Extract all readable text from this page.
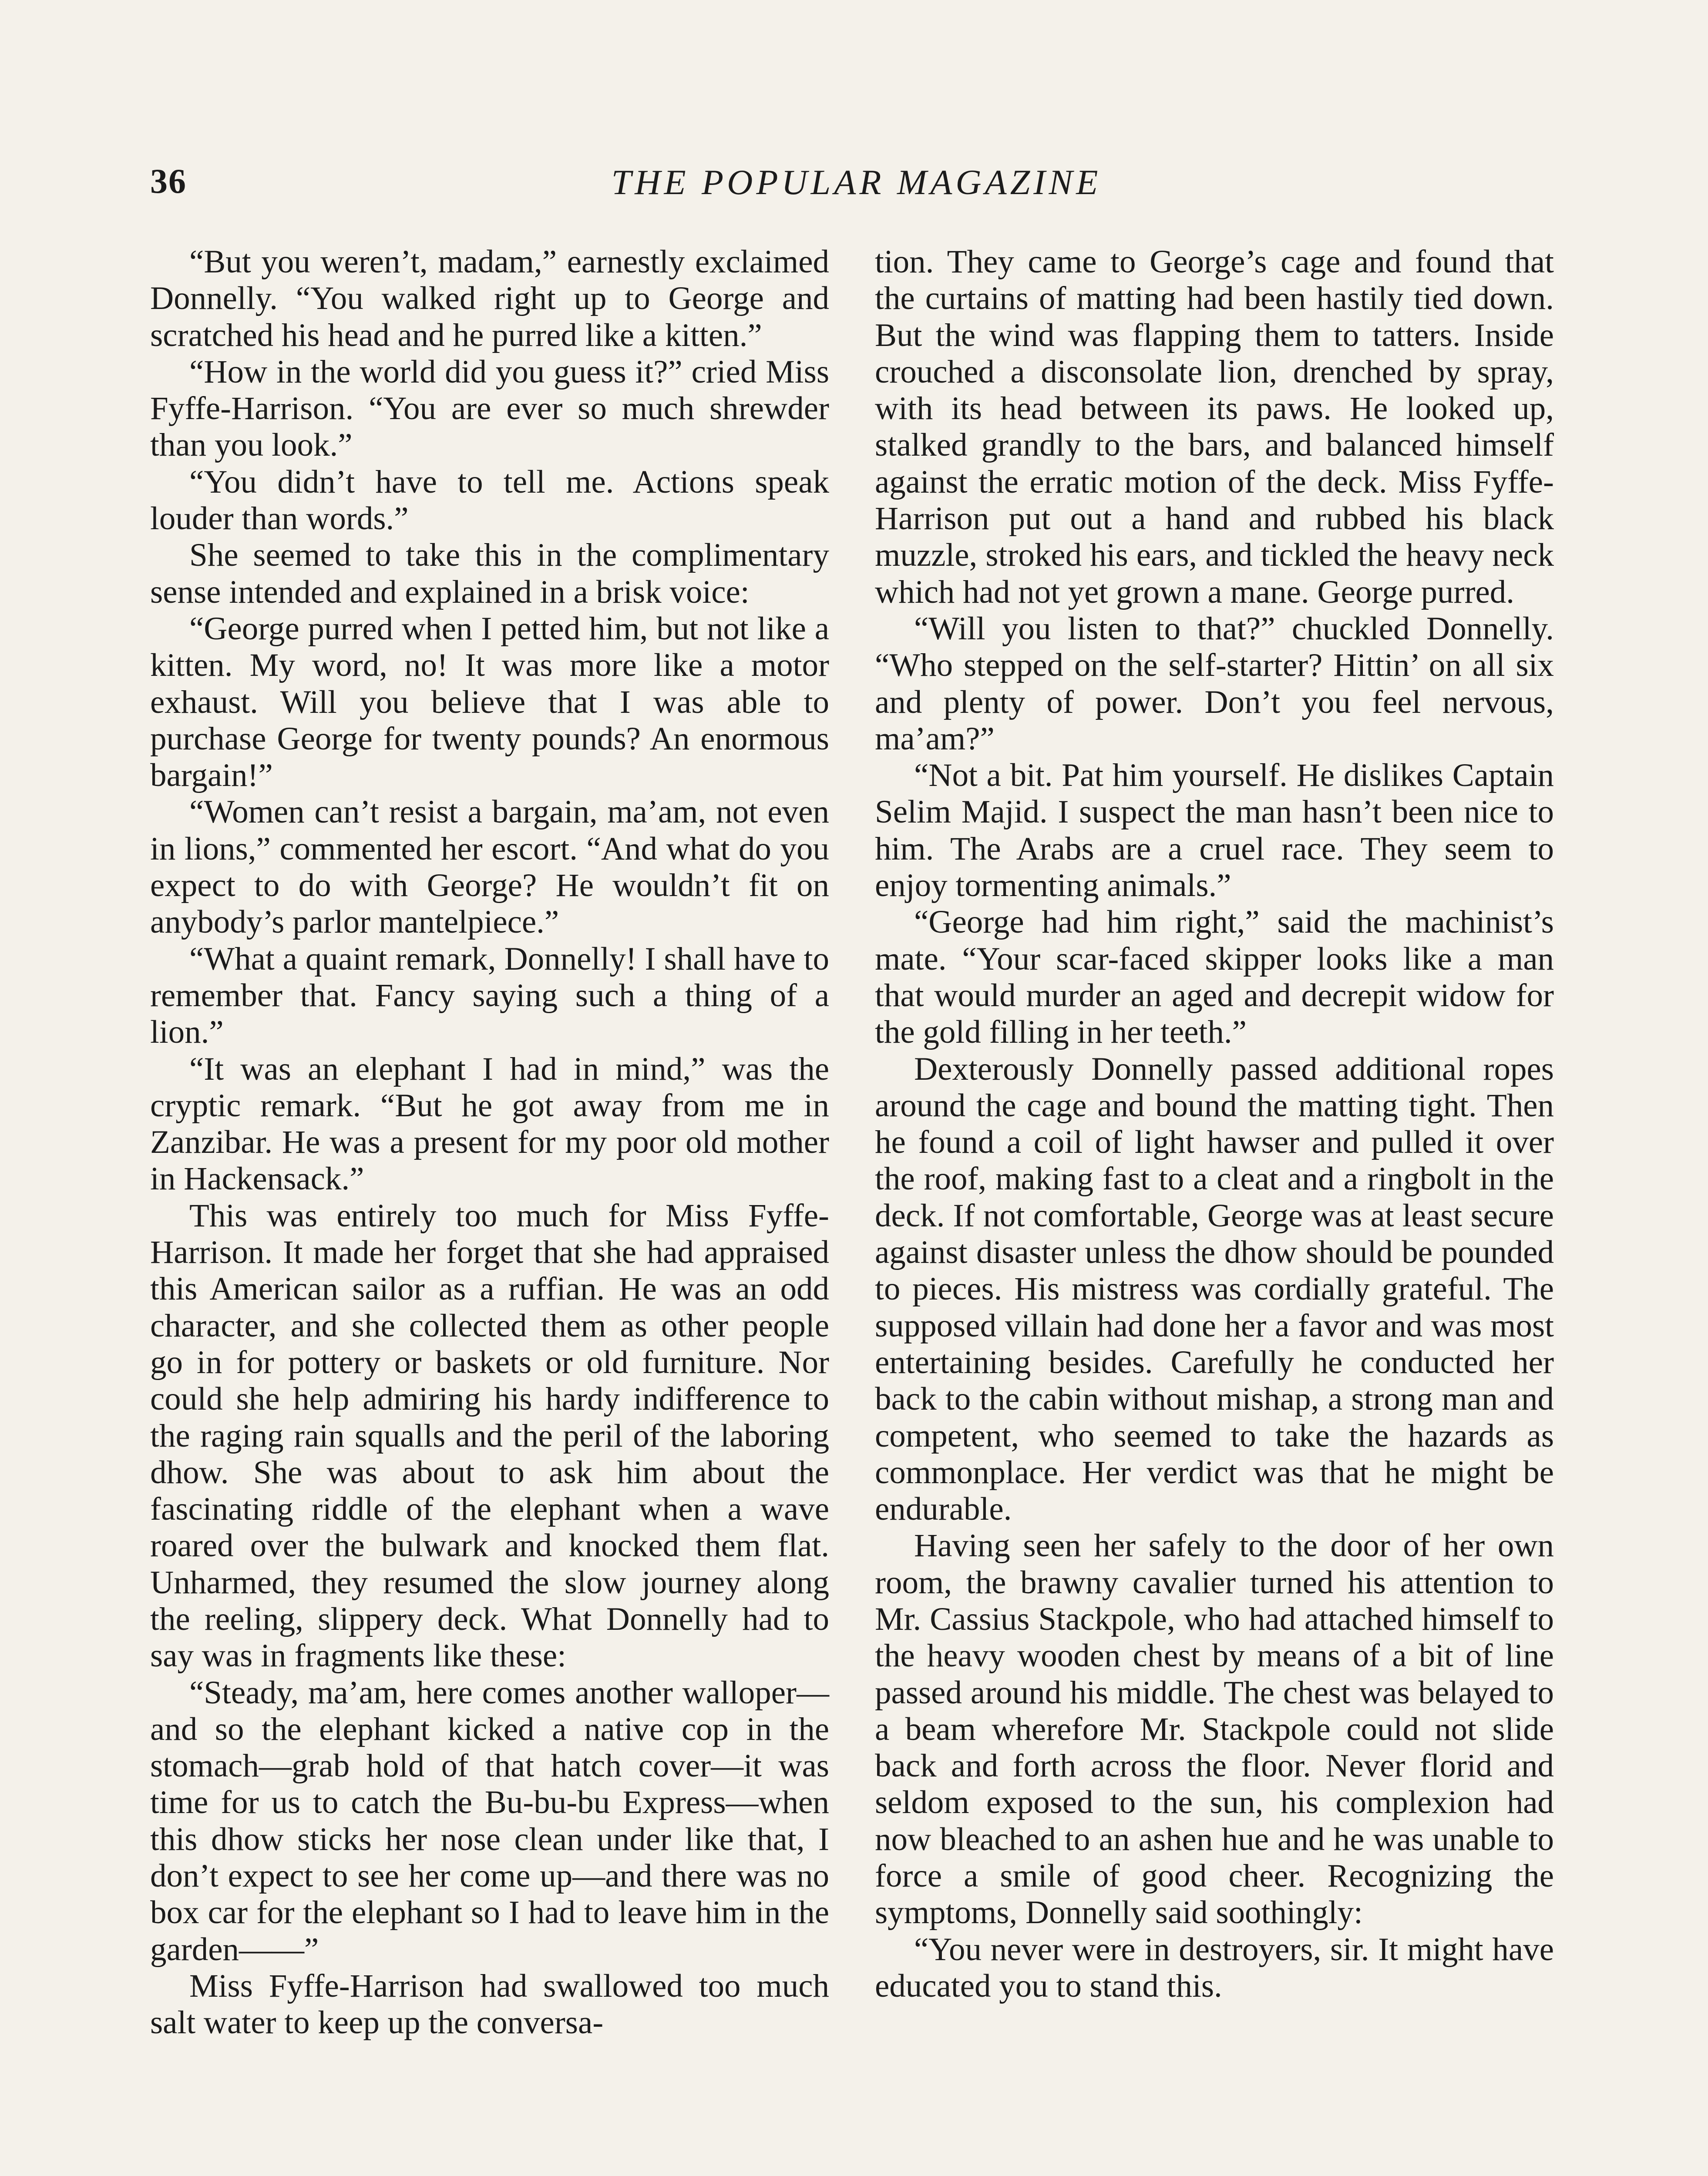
36	THE POPULAR MAGAZINE

“But you weren’t, madam,” earnestly exclaimed Donnelly. “You walked right up to George and scratched his head and he purred like a kitten.”

“How in the world did you guess it?” cried Miss Fyffe-Harrison. “You are ever so much shrewder than you look.”

“You didn’t have to tell me. Actions speak louder than words.”

She seemed to take this in the complimentary sense intended and explained in a brisk voice:

“George purred when I petted him, but not like a kitten. My word, no! It was more like a motor exhaust. Will you believe that I was able to purchase George for twenty pounds? An enormous bargain!”

“Women can’t resist a bargain, ma’am, not even in lions,” commented her escort. “And what do you expect to do with George? He wouldn’t fit on anybody’s parlor mantelpiece.”

“What a quaint remark, Donnelly! I shall have to remember that. Fancy saying such a thing of a lion.”

“It was an elephant I had in mind,” was the cryptic remark. “But he got away from me in Zanzibar. He was a present for my poor old mother in Hackensack.”

This was entirely too much for Miss Fyffe-Harrison. It made her forget that she had appraised this American sailor as a ruffian. He was an odd character, and she collected them as other people go in for pottery or baskets or old furniture. Nor could she help admiring his hardy indifference to the raging rain squalls and the peril of the laboring dhow. She was about to ask him about the fascinating riddle of the elephant when a wave roared over the bulwark and knocked them flat. Unharmed, they resumed the slow journey along the reeling, slippery deck. What Donnelly had to say was in fragments like these:

“Steady, ma’am, here comes another walloper—and so the elephant kicked a native cop in the stomach—grab hold of that hatch cover—it was time for us to catch the Bu-bu-bu Express—when this dhow sticks her nose clean under like that, I don’t expect to see her come up—and there was no box car for the elephant so I had to leave him in the garden——”

Miss Fyffe-Harrison had swallowed too much salt water to keep up the conversa-

tion. They came to George’s cage and found that the curtains of matting had been hastily tied down. But the wind was flapping them to tatters. Inside crouched a disconsolate lion, drenched by spray, with its head between its paws. He looked up, stalked grandly to the bars, and balanced himself against the erratic motion of the deck. Miss Fyffe-Harrison put out a hand and rubbed his black muzzle, stroked his ears, and tickled the heavy neck which had not yet grown a mane. George purred.

“Will you listen to that?” chuckled Donnelly. “Who stepped on the self-starter? Hittin’ on all six and plenty of power. Don’t you feel nervous, ma’am?”

“Not a bit. Pat him yourself. He dislikes Captain Selim Majid. I suspect the man hasn’t been nice to him. The Arabs are a cruel race. They seem to enjoy tormenting animals.”

“George had him right,” said the machinist’s mate. “Your scar-faced skipper looks like a man that would murder an aged and decrepit widow for the gold filling in her teeth.”

Dexterously Donnelly passed additional ropes around the cage and bound the matting tight. Then he found a coil of light hawser and pulled it over the roof, making fast to a cleat and a ringbolt in the deck. If not comfortable, George was at least secure against disaster unless the dhow should be pounded to pieces. His mistress was cordially grateful. The supposed villain had done her a favor and was most entertaining besides. Carefully he conducted her back to the cabin without mishap, a strong man and competent, who seemed to take the hazards as commonplace. Her verdict was that he might be endurable.

Having seen her safely to the door of her own room, the brawny cavalier turned his attention to Mr. Cassius Stackpole, who had attached himself to the heavy wooden chest by means of a bit of line passed around his middle. The chest was belayed to a beam wherefore Mr. Stackpole could not slide back and forth across the floor. Never florid and seldom exposed to the sun, his complexion had now bleached to an ashen hue and he was unable to force a smile of good cheer. Recognizing the symptoms, Donnelly said soothingly:

“You never were in destroyers, sir. It might have educated you to stand this.
